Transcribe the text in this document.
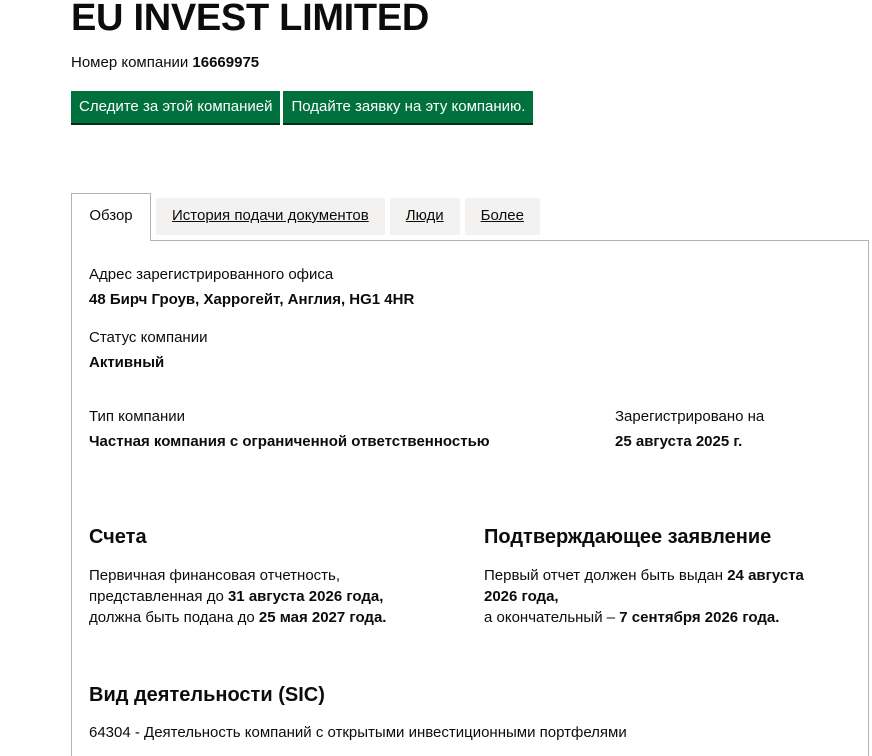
EU INVEST LIMITED
Номер компании 16669975
Следите за этой компанией	Подайте заявку на эту компанию.
Обзор	История подачи документов	Люди	Более
Адрес зарегистрированного офиса
48 Бирч Гроув, Харрогейт, Англия, HG1 4HR
Статус компании
Активный
Тип компании
Частная компания с ограниченной ответственностью
Зарегистрировано на
25 августа 2025 г.
Счета

Первичная финансовая отчетность,
представленная до 31 августа 2026 года,
должна быть подана до 25 мая 2027 года.

Подтверждающее заявление

Первый отчет должен быть выдан 24 августа
2026 года,
а окончательный – 7 сентября 2026 года.

Вид деятельности (SIC)
64304 - Деятельность компаний с открытыми инвестиционными портфелями
